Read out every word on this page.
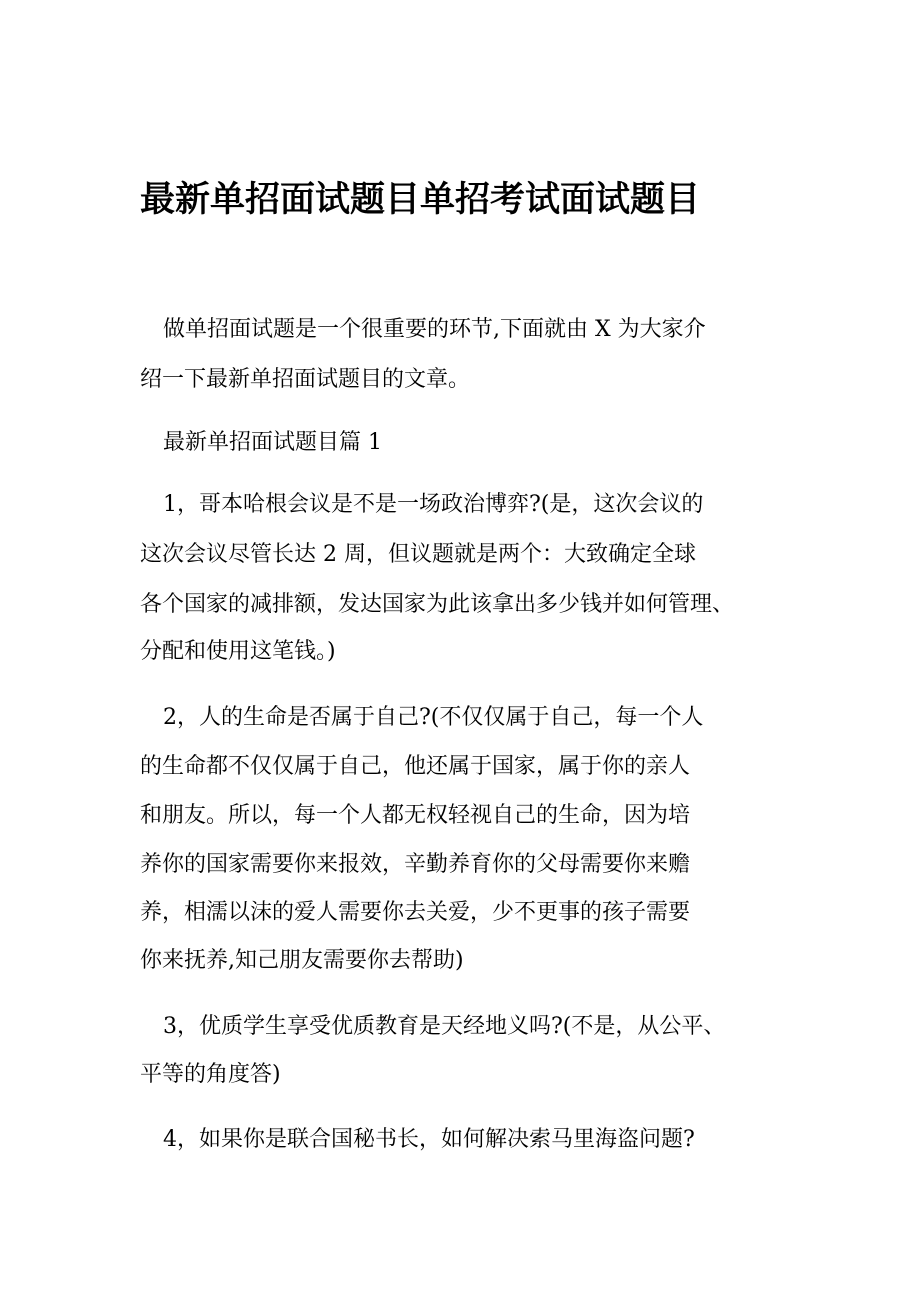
最新单招面试题目单招考试面试题目

做单招面试题是一个很重要的环节,下面就由 X 为大家介

绍一下最新单招面试题目的文章。

最新单招面试题目篇 1

1，哥本哈根会议是不是一场政治博弈?(是，这次会议的

这次会议尽管长达 2 周，但议题就是两个：大致确定全球

各个国家的减排额，发达国家为此该拿出多少钱并如何管理、

分配和使用这笔钱。)

2，人的生命是否属于自己?(不仅仅属于自己，每一个人

的生命都不仅仅属于自己，他还属于国家，属于你的亲人

和朋友。所以，每一个人都无权轻视自己的生命，因为培

养你的国家需要你来报效，辛勤养育你的父母需要你来赡

养，相濡以沫的爱人需要你去关爱，少不更事的孩子需要

你来抚养,知己朋友需要你去帮助)

3，优质学生享受优质教育是天经地义吗?(不是，从公平、

平等的角度答)

4，如果你是联合国秘书长，如何解决索马里海盗问题?
